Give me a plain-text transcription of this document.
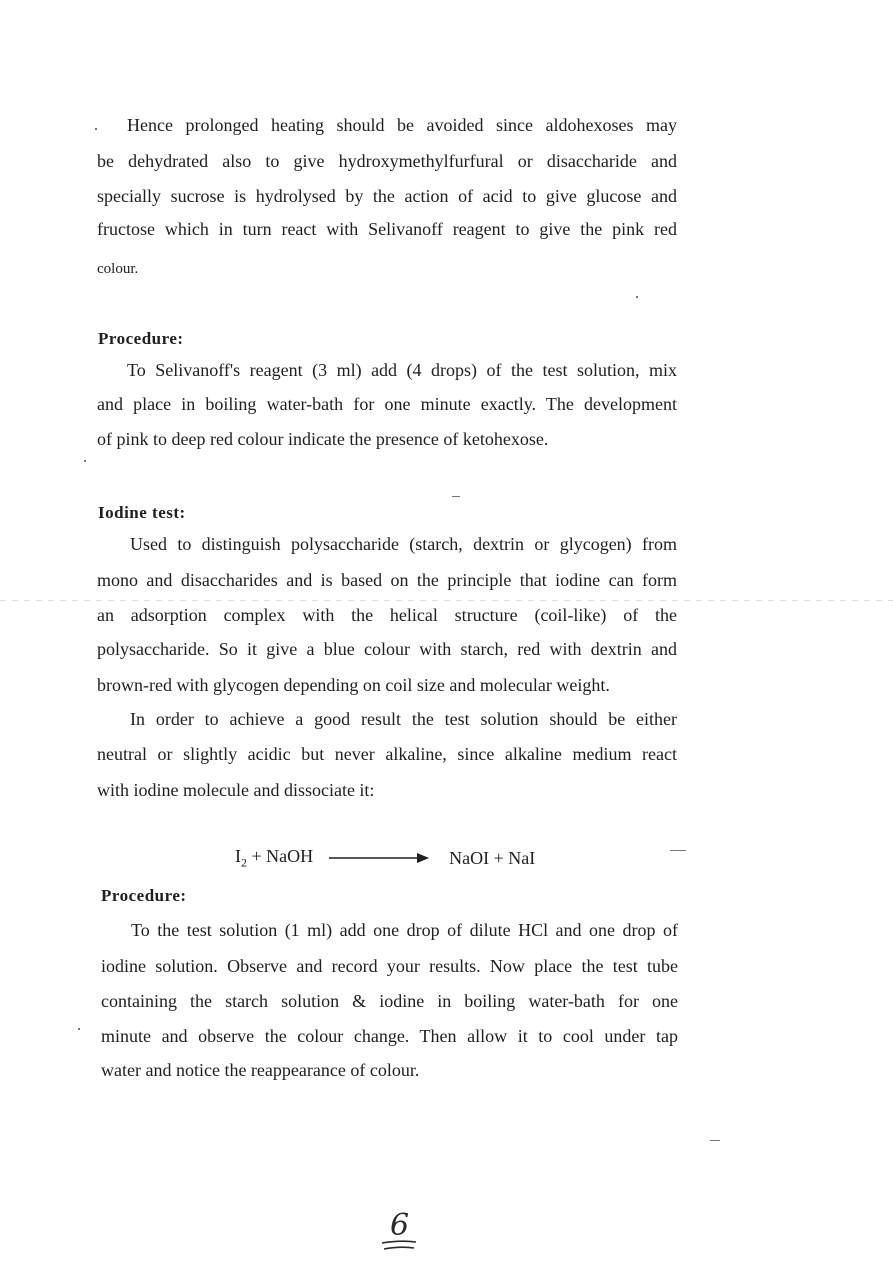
Hence prolonged heating should be avoided since aldohexoses may
be dehydrated also to give hydroxymethylfurfural or disaccharide and
specially sucrose is hydrolysed by the action of acid to give glucose and
fructose which in turn react with Selivanoff reagent to give the pink red
colour.
Procedure:
To Selivanoff's reagent (3 ml) add (4 drops) of the test solution, mix
and place in boiling water-bath for one minute exactly. The development
of pink to deep red colour indicate the presence of ketohexose.
Iodine test:
Used to distinguish polysaccharide (starch, dextrin or glycogen) from
mono and disaccharides and is based on the principle that iodine can form
an adsorption complex with the helical structure (coil-like) of the
polysaccharide. So it give a blue colour with starch, red with dextrin and
brown-red with glycogen depending on coil size and molecular weight.
In order to achieve a good result the test solution should be either
neutral or slightly acidic but never alkaline, since alkaline medium react
with iodine molecule and dissociate it:
$I_2$ + NaOH	NaOI + NaI
Procedure:
To the test solution (1 ml) add one drop of dilute HCl and one drop of
iodine solution. Observe and record your results. Now place the test tube
containing the starch solution & iodine in boiling water-bath for one
minute and observe the colour change. Then allow it to cool under tap
water and notice the reappearance of colour.
6
